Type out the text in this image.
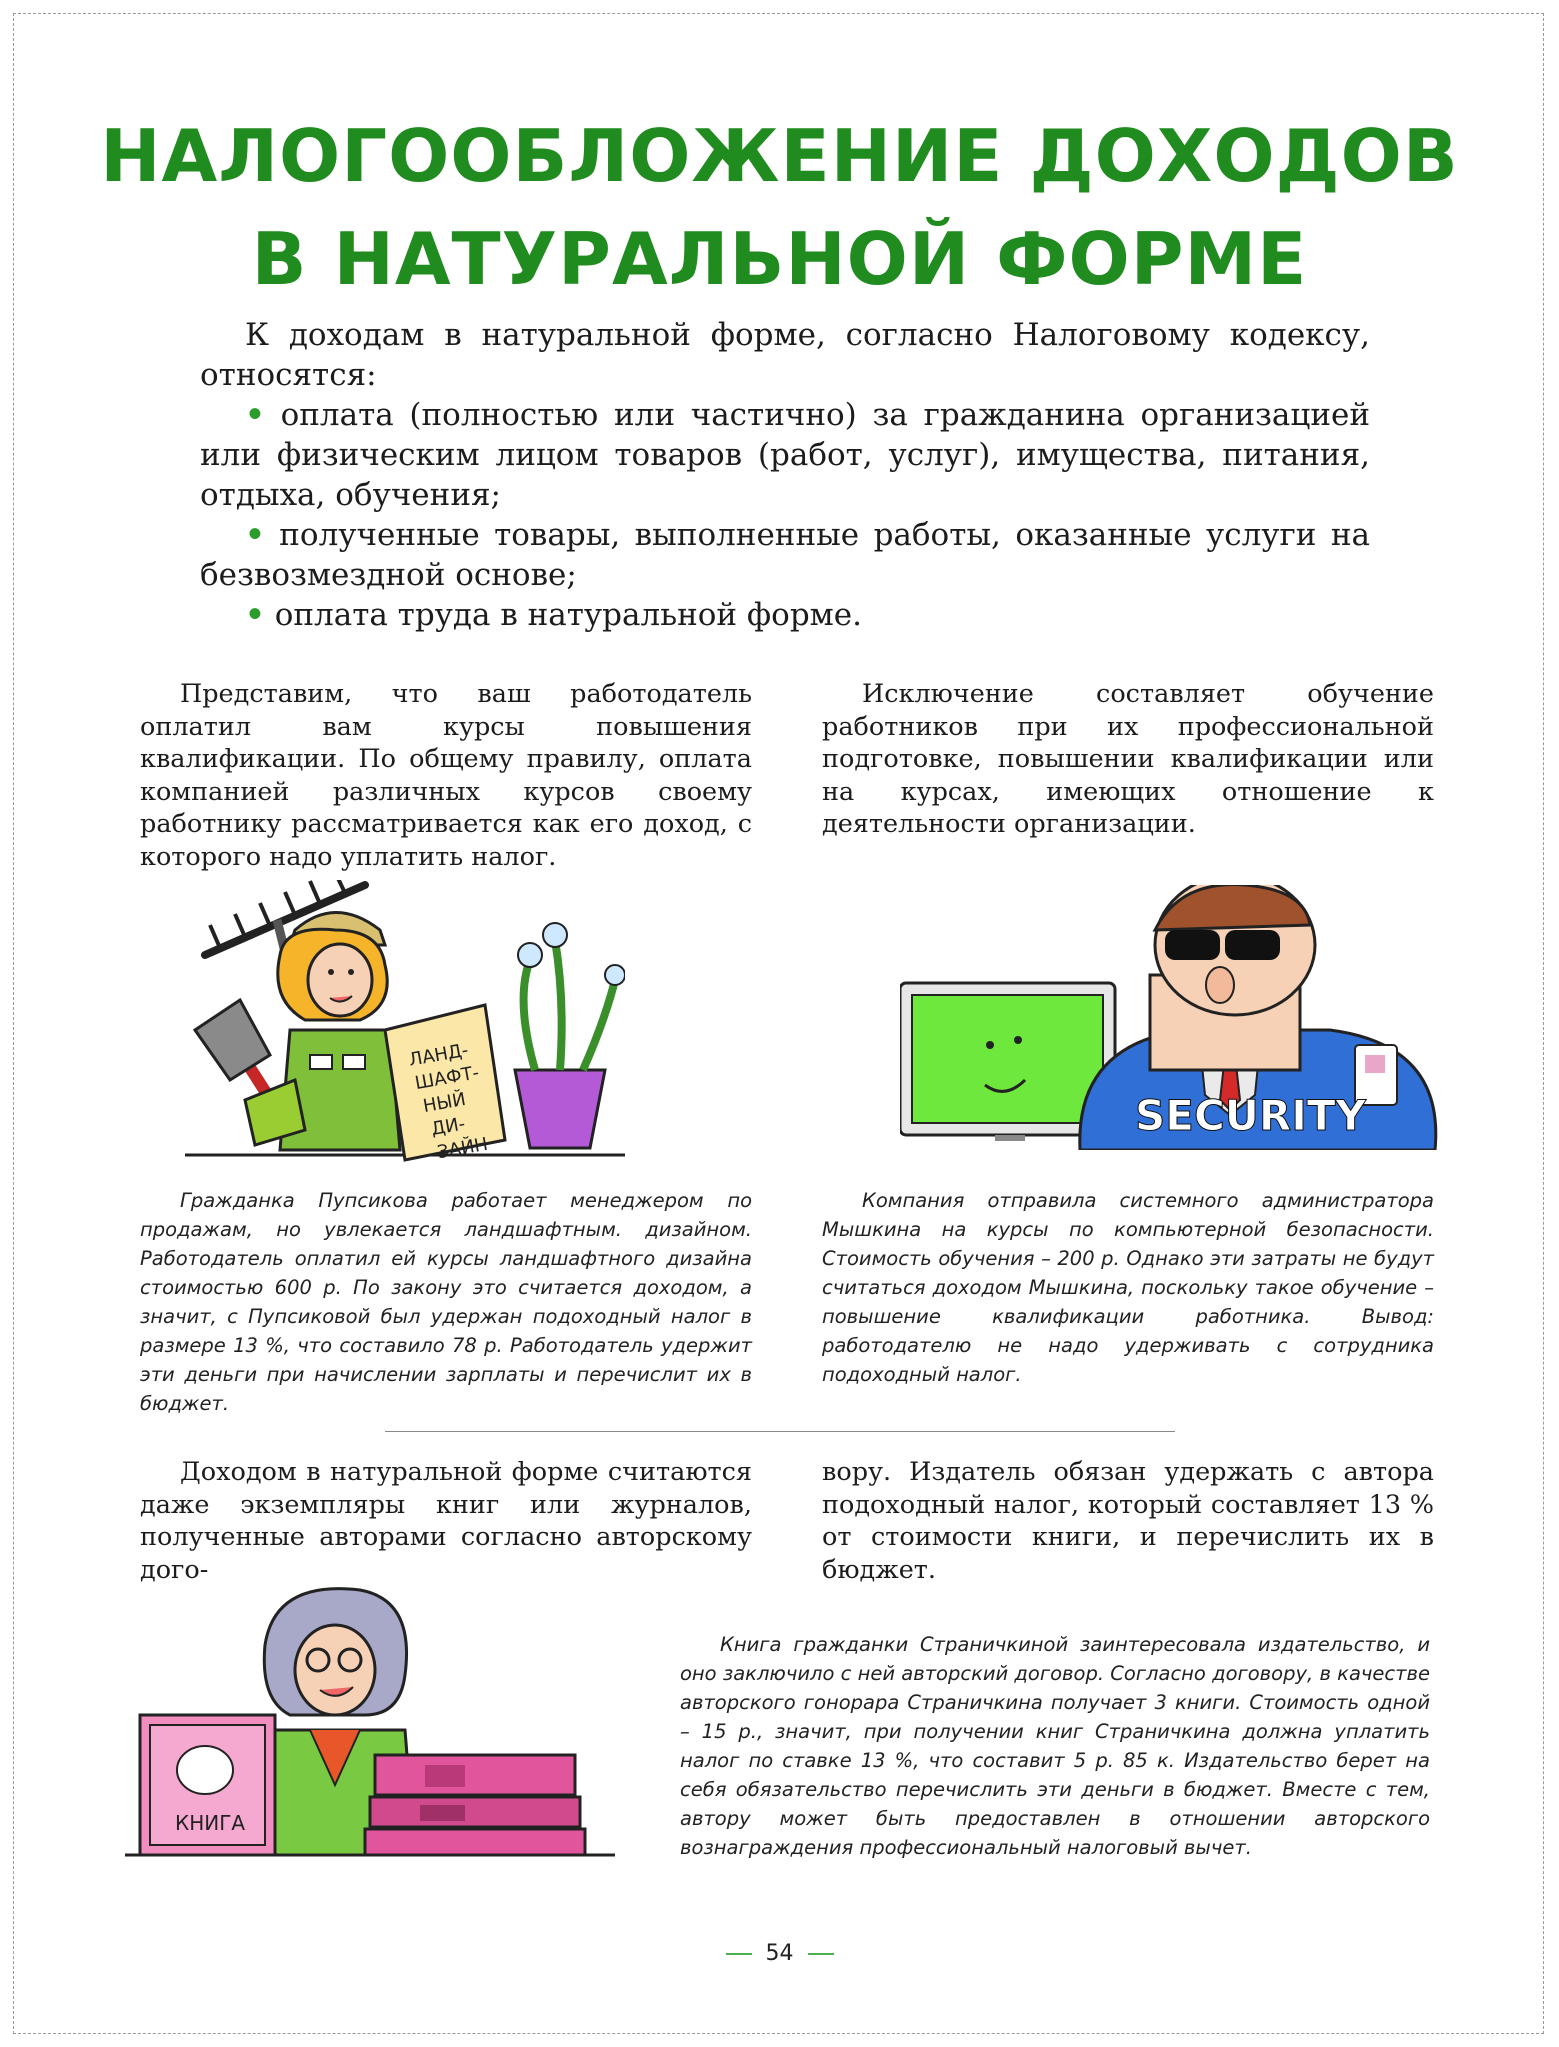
НАЛОГООБЛОЖЕНИЕ ДОХОДОВ
В НАТУРАЛЬНОЙ ФОРМЕ

К доходам в натуральной форме, согласно Налоговому кодексу, относятся:

• оплата (полностью или частично) за гражданина организацией или физическим лицом товаров (работ, услуг), имущества, питания, отдыха, обучения;

• полученные товары, выполненные работы, оказанные услуги на безвозмездной основе;

• оплата труда в натуральной форме.

Представим, что ваш работодатель оплатил вам курсы повышения квалификации. По общему правилу, оплата компанией различных курсов своему работнику рассматривается как его доход, с которого надо уплатить налог.

Исключение составляет обучение работников при их профессиональной подготовке, повышении квалификации или на курсах, имеющих отношение к деятельности организации.

ЛАНД-
ШАФТ-
НЫЙ
ДИ-
ЗАЙН
SECURITY

Гражданка Пупсикова работает менеджером по продажам, но увлекается ландшафтным. дизайном. Работодатель оплатил ей курсы ландшафтного дизайна стоимостью 600 р. По закону это считается доходом, а значит, с Пупсиковой был удержан подоходный налог в размере 13 %, что составило 78 р. Работодатель удержит эти деньги при начислении зарплаты и перечислит их в бюджет.

Компания отправила системного администратора Мышкина на курсы по компьютерной безопасности. Стоимость обучения – 200 р. Однако эти затраты не будут считаться доходом Мышкина, поскольку такое обучение – повышение квалификации работника. Вывод: работодателю не надо удерживать с сотрудника подоходный налог.

Доходом в натуральной форме считаются даже экземпляры книг или журналов, полученные авторами согласно авторскому дого-

вору. Издатель обязан удержать с автора подоходный налог, который составляет 13 % от стоимости книги, и перечислить их в бюджет.

КНИГА

Книга гражданки Страничкиной заинтересовала издательство, и оно заключило с ней авторский договор. Согласно договору, в качестве авторского гонорара Страничкина получает 3 книги. Стоимость одной – 15 р., значит, при получении книг Страничкина должна уплатить налог по ставке 13 %, что составит 5 р. 85 к. Издательство берет на себя обязательство перечислить эти деньги в бюджет. Вместе с тем, автору может быть предоставлен в отношении авторского вознаграждения профессиональный налоговый вычет.

54
